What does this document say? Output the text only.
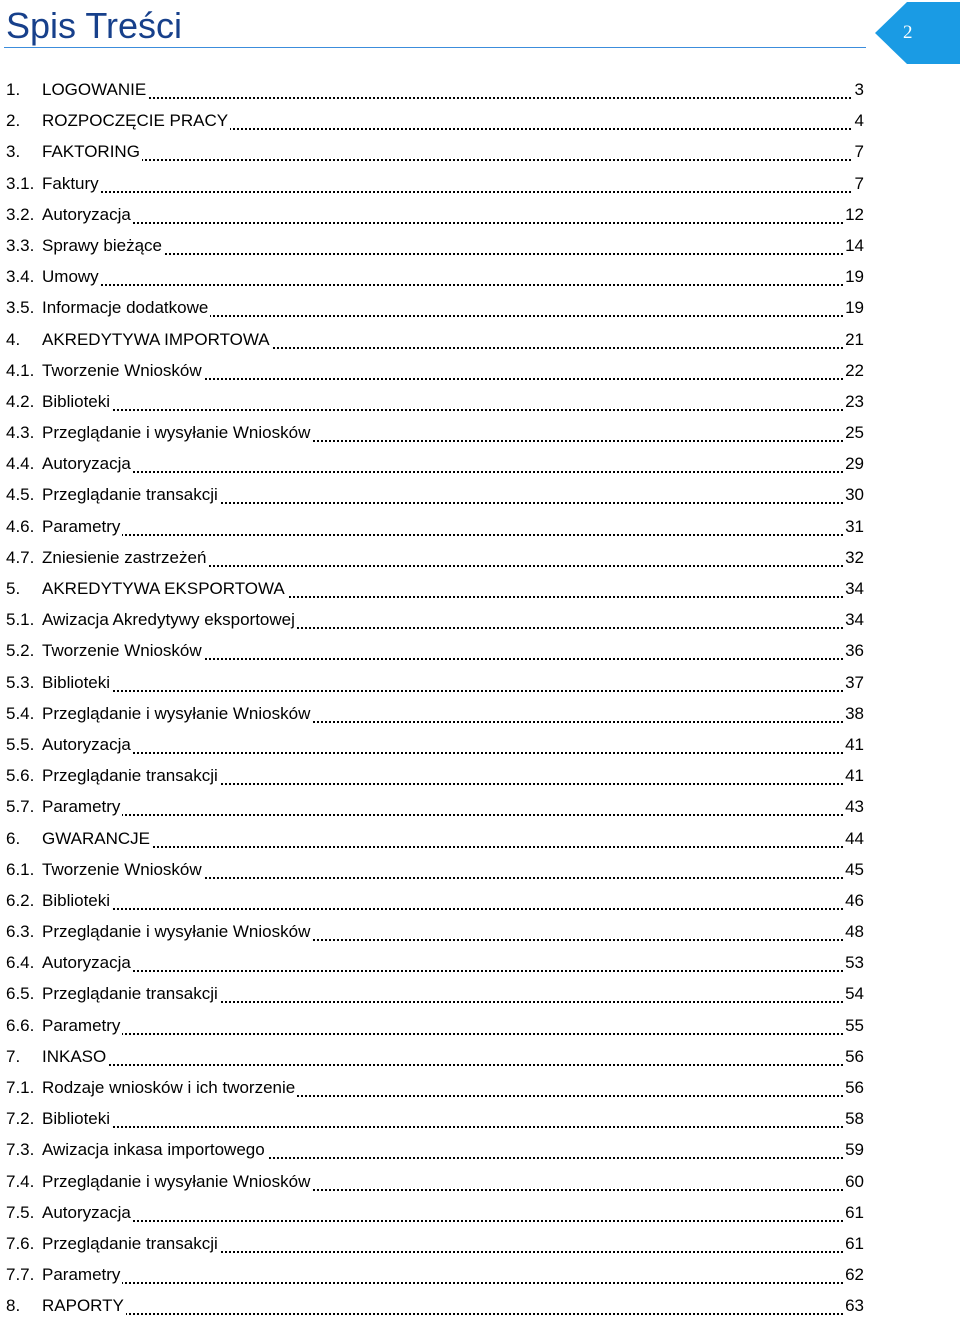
Spis Treści	2
1. LOGOWANIE	3
2. ROZPOCZĘCIE PRACY	4
3. FAKTORING	7
3.1. Faktury	7
3.2. Autoryzacja	12
3.3. Sprawy bieżące	14
3.4. Umowy	19
3.5. Informacje dodatkowe	19
4. AKREDYTYWA IMPORTOWA	21
4.1. Tworzenie Wniosków	22
4.2. Biblioteki	23
4.3. Przeglądanie i wysyłanie Wniosków	25
4.4. Autoryzacja	29
4.5. Przeglądanie transakcji	30
4.6. Parametry	31
4.7. Zniesienie zastrzeżeń	32
5. AKREDYTYWA EKSPORTOWA	34
5.1. Awizacja Akredytywy eksportowej	34
5.2. Tworzenie Wniosków	36
5.3. Biblioteki	37
5.4. Przeglądanie i wysyłanie Wniosków	38
5.5. Autoryzacja	41
5.6. Przeglądanie transakcji	41
5.7. Parametry	43
6. GWARANCJE	44
6.1. Tworzenie Wniosków	45
6.2. Biblioteki	46
6.3. Przeglądanie i wysyłanie Wniosków	48
6.4. Autoryzacja	53
6.5. Przeglądanie transakcji	54
6.6. Parametry	55
7. INKASO	56
7.1. Rodzaje wniosków i ich tworzenie	56
7.2. Biblioteki	58
7.3. Awizacja inkasa importowego	59
7.4. Przeglądanie i wysyłanie Wniosków	60
7.5. Autoryzacja	61
7.6. Przeglądanie transakcji	61
7.7. Parametry	62
8. RAPORTY	63
